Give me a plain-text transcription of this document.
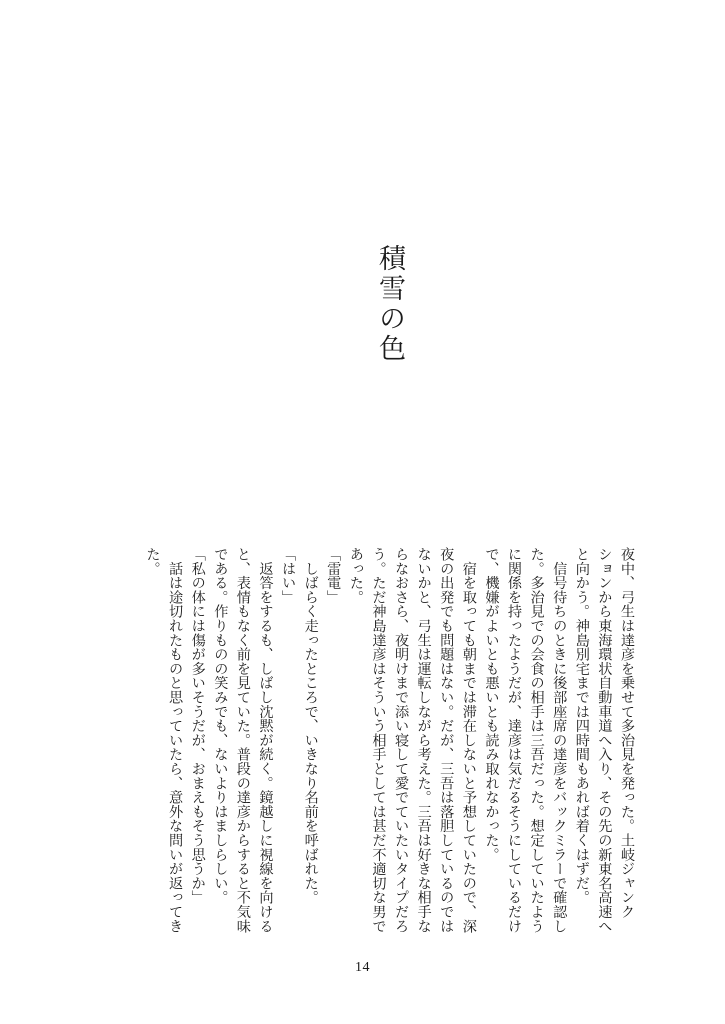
積雪の色

夜中、弓生は達彦を乗せて多治見を発った。土岐ジャンク

ションから東海環状自動車道へ入り、その先の新東名高速へ

と向かう。神島別宅までは四時間もあれば着くはずだ。

　信号待ちのときに後部座席の達彦をバックミラーで確認し

た。多治見での会食の相手は三吾だった。想定していたよう

に関係を持ったようだが、達彦は気だるそうにしているだけ

で、機嫌がよいとも悪いとも読み取れなかった。

　宿を取っても朝までは滞在しないと予想していたので、深

夜の出発でも問題はない。だが、三吾は落胆しているのでは

ないかと、弓生は運転しながら考えた。三吾は好きな相手な

らなおさら、夜明けまで添い寝して愛でていたいタイプだろ

う。ただ神島達彦はそういう相手としては甚だ不適切な男で

あった。

「雷電」

　しばらく走ったところで、いきなり名前を呼ばれた。

「はい」

　返答をするも、しばし沈黙が続く。鏡越しに視線を向ける

と、表情もなく前を見ていた。普段の達彦からすると不気味

である。作りものの笑みでも、ないよりはましらしい。

「私の体には傷が多いそうだが、おまえもそう思うか」

　話は途切れたものと思っていたら、意外な問いが返ってき

た。

14
